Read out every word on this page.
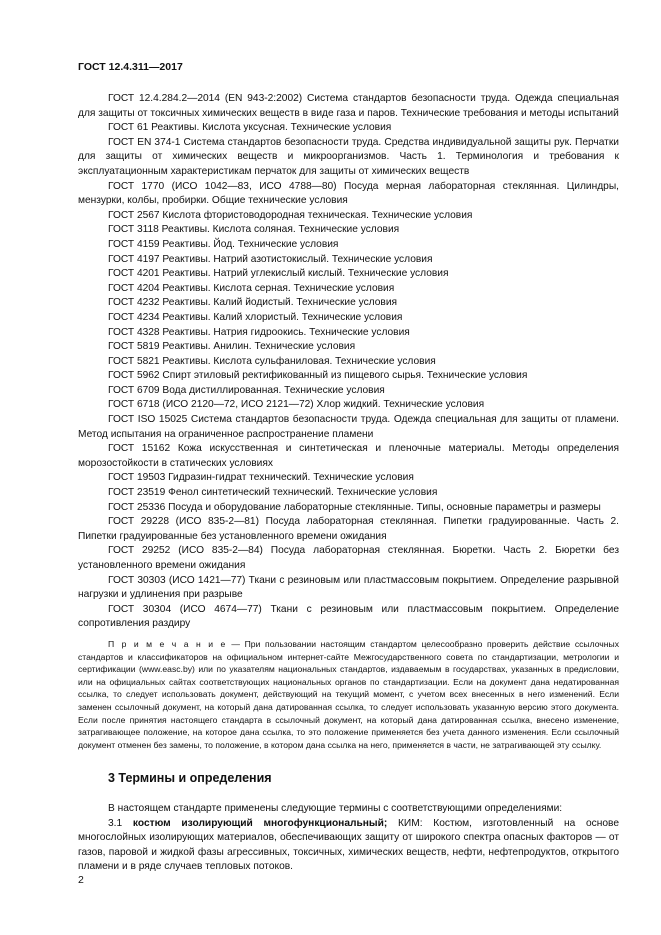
ГОСТ 12.4.311—2017

ГОСТ 12.4.284.2—2014 (EN 943-2:2002) Система стандартов безопасности труда. Одежда специальная для защиты от токсичных химических веществ в виде газа и паров. Технические требования и методы испытаний

ГОСТ 61 Реактивы. Кислота уксусная. Технические условия

ГОСТ EN 374-1 Система стандартов безопасности труда. Средства индивидуальной защиты рук. Перчатки для защиты от химических веществ и микроорганизмов. Часть 1. Терминология и требования к эксплуатационным характеристикам перчаток для защиты от химических веществ

ГОСТ 1770 (ИСО 1042—83, ИСО 4788—80) Посуда мерная лабораторная стеклянная. Цилиндры, мензурки, колбы, пробирки. Общие технические условия

ГОСТ 2567 Кислота фтористоводородная техническая. Технические условия

ГОСТ 3118 Реактивы. Кислота соляная. Технические условия

ГОСТ 4159 Реактивы. Йод. Технические условия

ГОСТ 4197 Реактивы. Натрий азотистокислый. Технические условия

ГОСТ 4201 Реактивы. Натрий углекислый кислый. Технические условия

ГОСТ 4204 Реактивы. Кислота серная. Технические условия

ГОСТ 4232 Реактивы. Калий йодистый. Технические условия

ГОСТ 4234 Реактивы. Калий хлористый. Технические условия

ГОСТ 4328 Реактивы. Натрия гидроокись. Технические условия

ГОСТ 5819 Реактивы. Анилин. Технические условия

ГОСТ 5821 Реактивы. Кислота сульфаниловая. Технические условия

ГОСТ 5962 Спирт этиловый ректификованный из пищевого сырья. Технические условия

ГОСТ 6709 Вода дистиллированная. Технические условия

ГОСТ 6718 (ИСО 2120—72, ИСО 2121—72) Хлор жидкий. Технические условия

ГОСТ ISO 15025 Система стандартов безопасности труда. Одежда специальная для защиты от пламени. Метод испытания на ограниченное распространение пламени

ГОСТ 15162 Кожа искусственная и синтетическая и пленочные материалы. Методы определения морозостойкости в статических условиях

ГОСТ 19503 Гидразин-гидрат технический. Технические условия

ГОСТ 23519 Фенол синтетический технический. Технические условия

ГОСТ 25336 Посуда и оборудование лабораторные стеклянные. Типы, основные параметры и размеры

ГОСТ 29228 (ИСО 835-2—81) Посуда лабораторная стеклянная. Пипетки градуированные. Часть 2. Пипетки градуированные без установленного времени ожидания

ГОСТ 29252 (ИСО 835-2—84) Посуда лабораторная стеклянная. Бюретки. Часть 2. Бюретки без установленного времени ожидания

ГОСТ 30303 (ИСО 1421—77) Ткани с резиновым или пластмассовым покрытием. Определение разрывной нагрузки и удлинения при разрыве

ГОСТ 30304 (ИСО 4674—77) Ткани с резиновым или пластмассовым покрытием. Определение сопротивления раздиру

П р и м е ч а н и е — При пользовании настоящим стандартом целесообразно проверить действие ссылочных стандартов и классификаторов на официальном интернет-сайте Межгосударственного совета по стандартизации, метрологии и сертификации (www.easc.by) или по указателям национальных стандартов, издаваемым в государствах, указанных в предисловии, или на официальных сайтах соответствующих национальных органов по стандартизации. Если на документ дана недатированная ссылка, то следует использовать документ, действующий на текущий момент, с учетом всех внесенных в него изменений. Если заменен ссылочный документ, на который дана датированная ссылка, то следует использовать указанную версию этого документа. Если после принятия настоящего стандарта в ссылочный документ, на который дана датированная ссылка, внесено изменение, затрагивающее положение, на которое дана ссылка, то это положение применяется без учета данного изменения. Если ссылочный документ отменен без замены, то положение, в котором дана ссылка на него, применяется в части, не затрагивающей эту ссылку.

3 Термины и определения

В настоящем стандарте применены следующие термины с соответствующими определениями:

3.1 костюм изолирующий многофункциональный; КИМ: Костюм, изготовленный на основе многослойных изолирующих материалов, обеспечивающих защиту от широкого спектра опасных факторов — от газов, паровой и жидкой фазы агрессивных, токсичных, химических веществ, нефти, нефтепродуктов, открытого пламени и в ряде случаев тепловых потоков.

2
